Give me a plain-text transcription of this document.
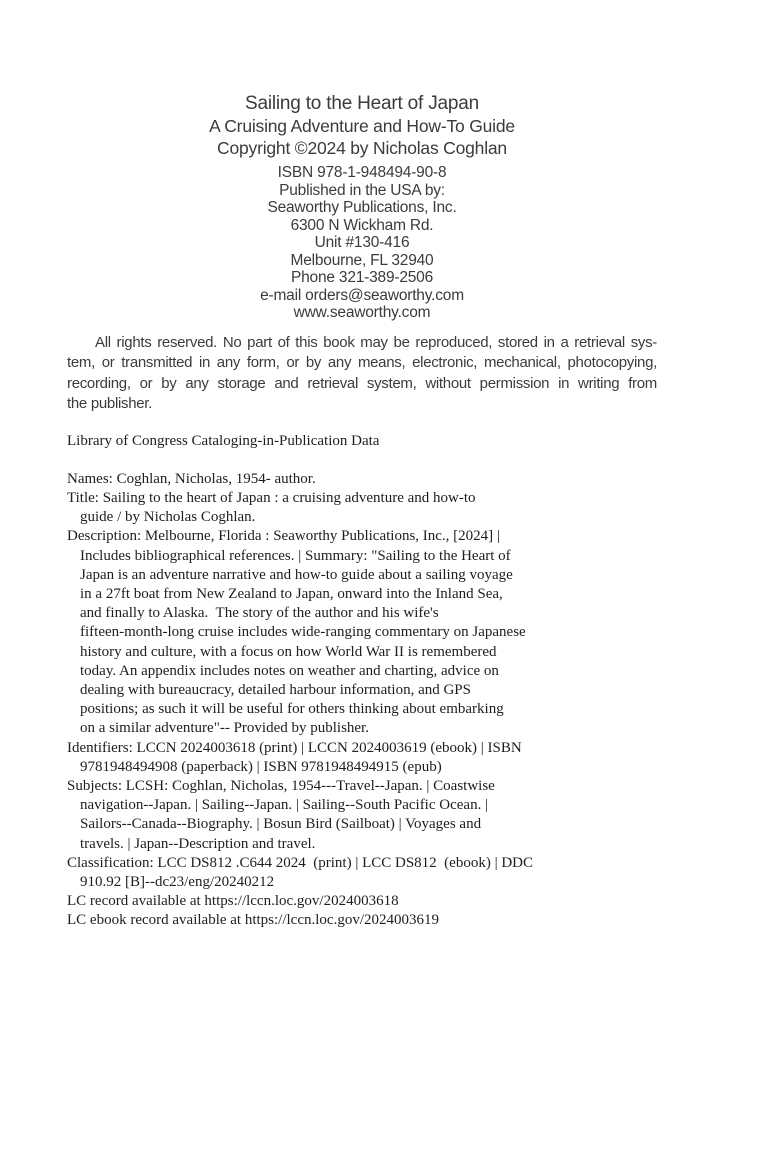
Sailing to the Heart of Japan
A Cruising Adventure and How-To Guide
Copyright ©2024 by Nicholas Coghlan
ISBN 978-1-948494-90-8
Published in the USA by:
Seaworthy Publications, Inc.
6300 N Wickham Rd.
Unit #130-416
Melbourne, FL 32940
Phone 321-389-2506
e-mail orders@seaworthy.com
www.seaworthy.com
All rights reserved. No part of this book may be reproduced, stored in a retrieval sys-
tem, or transmitted in any form, or by any means, electronic, mechanical, photocopying,
recording, or by any storage and retrieval system, without permission in writing from
the publisher.
Library of Congress Cataloging-in-Publication Data
Names: Coghlan, Nicholas, 1954- author.
Title: Sailing to the heart of Japan : a cruising adventure and how-to
guide / by Nicholas Coghlan.
Description: Melbourne, Florida : Seaworthy Publications, Inc., [2024] |
Includes bibliographical references. | Summary: "Sailing to the Heart of
Japan is an adventure narrative and how-to guide about a sailing voyage
in a 27ft boat from New Zealand to Japan, onward into the Inland Sea,
and finally to Alaska.  The story of the author and his wife's
fifteen-month-long cruise includes wide-ranging commentary on Japanese
history and culture, with a focus on how World War II is remembered
today. An appendix includes notes on weather and charting, advice on
dealing with bureaucracy, detailed harbour information, and GPS
positions; as such it will be useful for others thinking about embarking
on a similar adventure"-- Provided by publisher.
Identifiers: LCCN 2024003618 (print) | LCCN 2024003619 (ebook) | ISBN
9781948494908 (paperback) | ISBN 9781948494915 (epub)
Subjects: LCSH: Coghlan, Nicholas, 1954---Travel--Japan. | Coastwise
navigation--Japan. | Sailing--Japan. | Sailing--South Pacific Ocean. |
Sailors--Canada--Biography. | Bosun Bird (Sailboat) | Voyages and
travels. | Japan--Description and travel.
Classification: LCC DS812 .C644 2024  (print) | LCC DS812  (ebook) | DDC
910.92 [B]--dc23/eng/20240212
LC record available at https://lccn.loc.gov/2024003618
LC ebook record available at https://lccn.loc.gov/2024003619
